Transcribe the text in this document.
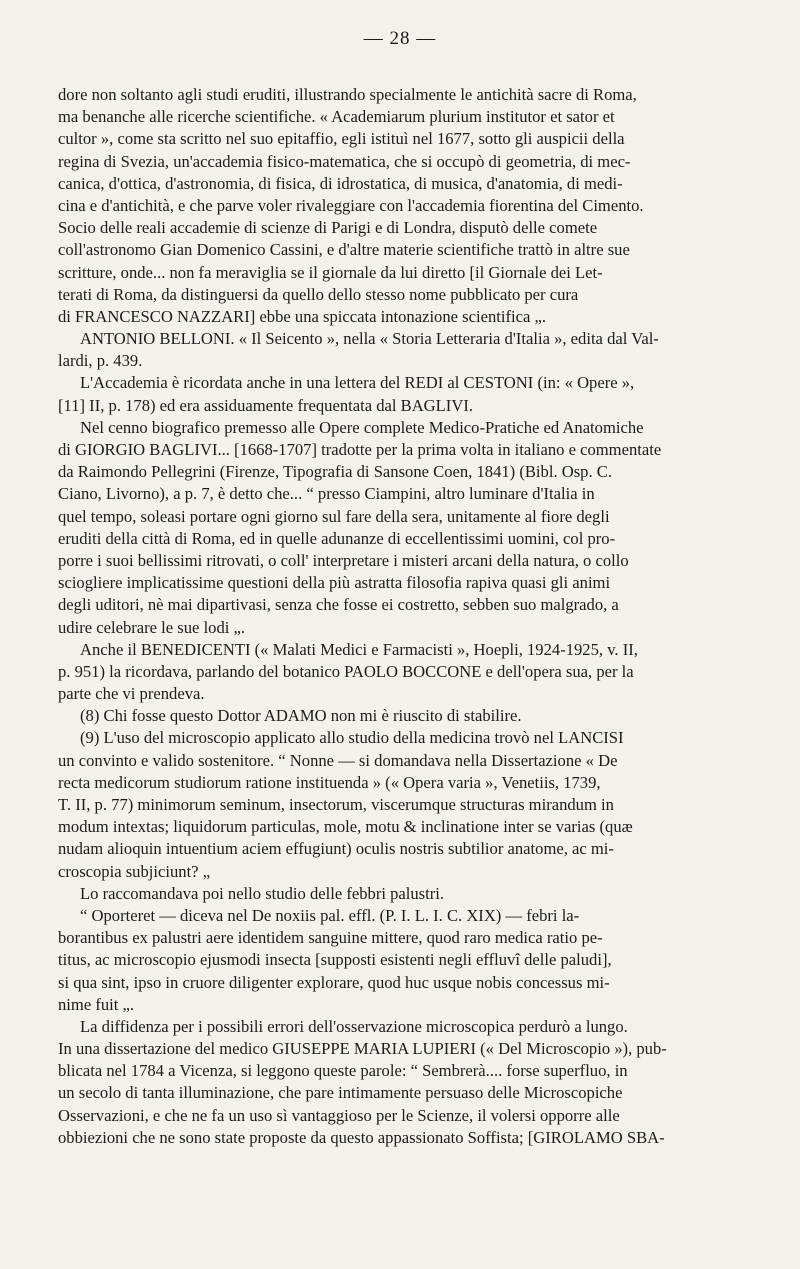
— 28 —
dore non soltanto agli studi eruditi, illustrando specialmente le antichità sacre di Roma,
ma benanche alle ricerche scientifiche. « Academiarum plurium institutor et sator et
cultor », come sta scritto nel suo epitaffio, egli istituì nel 1677, sotto gli auspicii della
regina di Svezia, un'accademia fisico-matematica, che si occupò di geometria, di mec-
canica, d'ottica, d'astronomia, di fisica, di idrostatica, di musica, d'anatomia, di medi-
cina e d'antichità, e che parve voler rivaleggiare con l'accademia fiorentina del Cimento.
Socio delle reali accademie di scienze di Parigi e di Londra, disputò delle comete
coll'astronomo Gian Domenico Cassini, e d'altre materie scientifiche trattò in altre sue
scritture, onde... non fa meraviglia se il giornale da lui diretto [il Giornale dei Let-
terati di Roma, da distinguersi da quello dello stesso nome pubblicato per cura
di FRANCESCO NAZZARI] ebbe una spiccata intonazione scientifica „.
ANTONIO BELLONI. « Il Seicento », nella « Storia Letteraria d'Italia », edita dal Val-
lardi, p. 439.
L'Accademia è ricordata anche in una lettera del REDI al CESTONI (in: « Opere »,
[11] II, p. 178) ed era assiduamente frequentata dal BAGLIVI.
Nel cenno biografico premesso alle Opere complete Medico-Pratiche ed Anatomiche
di GIORGIO BAGLIVI... [1668-1707] tradotte per la prima volta in italiano e commentate
da Raimondo Pellegrini (Firenze, Tipografia di Sansone Coen, 1841) (Bibl. Osp. C.
Ciano, Livorno), a p. 7, è detto che... “ presso Ciampini, altro luminare d'Italia in
quel tempo, soleasi portare ogni giorno sul fare della sera, unitamente al fiore degli
eruditi della città di Roma, ed in quelle adunanze di eccellentissimi uomini, col pro-
porre i suoi bellissimi ritrovati, o coll' interpretare i misteri arcani della natura, o collo
sciogliere implicatissime questioni della più astratta filosofia rapiva quasi gli animi
degli uditori, nè mai dipartivasi, senza che fosse ei costretto, sebben suo malgrado, a
udire celebrare le sue lodi „.
Anche il BENEDICENTI (« Malati Medici e Farmacisti », Hoepli, 1924-1925, v. II,
p. 951) la ricordava, parlando del botanico PAOLO BOCCONE e dell'opera sua, per la
parte che vi prendeva.
(8) Chi fosse questo Dottor ADAMO non mi è riuscito di stabilire.
(9) L'uso del microscopio applicato allo studio della medicina trovò nel LANCISI
un convinto e valido sostenitore. “ Nonne — si domandava nella Dissertazione « De
recta medicorum studiorum ratione instituenda » (« Opera varia », Venetiis, 1739,
T. II, p. 77) minimorum seminum, insectorum, viscerumque structuras mirandum in
modum intextas; liquidorum particulas, mole, motu & inclinatione inter se varias (quæ
nudam alioquin intuentium aciem effugiunt) oculis nostris subtilior anatome, ac mi-
croscopia subjiciunt? „
Lo raccomandava poi nello studio delle febbri palustri.
“ Oporteret — diceva nel De noxiis pal. effl. (P. I. L. I. C. XIX) — febri la-
borantibus ex palustri aere identidem sanguine mittere, quod raro medica ratio pe-
titus, ac microscopio ejusmodi insecta [supposti esistenti negli effluvî delle paludi],
si qua sint, ipso in cruore diligenter explorare, quod huc usque nobis concessus mi-
nime fuit „.
La diffidenza per i possibili errori dell'osservazione microscopica perdurò a lungo.
In una dissertazione del medico GIUSEPPE MARIA LUPIERI (« Del Microscopio »), pub-
blicata nel 1784 a Vicenza, si leggono queste parole: “ Sembrerà.... forse superfluo, in
un secolo di tanta illuminazione, che pare intimamente persuaso delle Microscopiche
Osservazioni, e che ne fa un uso sì vantaggioso per le Scienze, il volersi opporre alle
obbiezioni che ne sono state proposte da questo appassionato Soffista; [GIROLAMO SBA-
